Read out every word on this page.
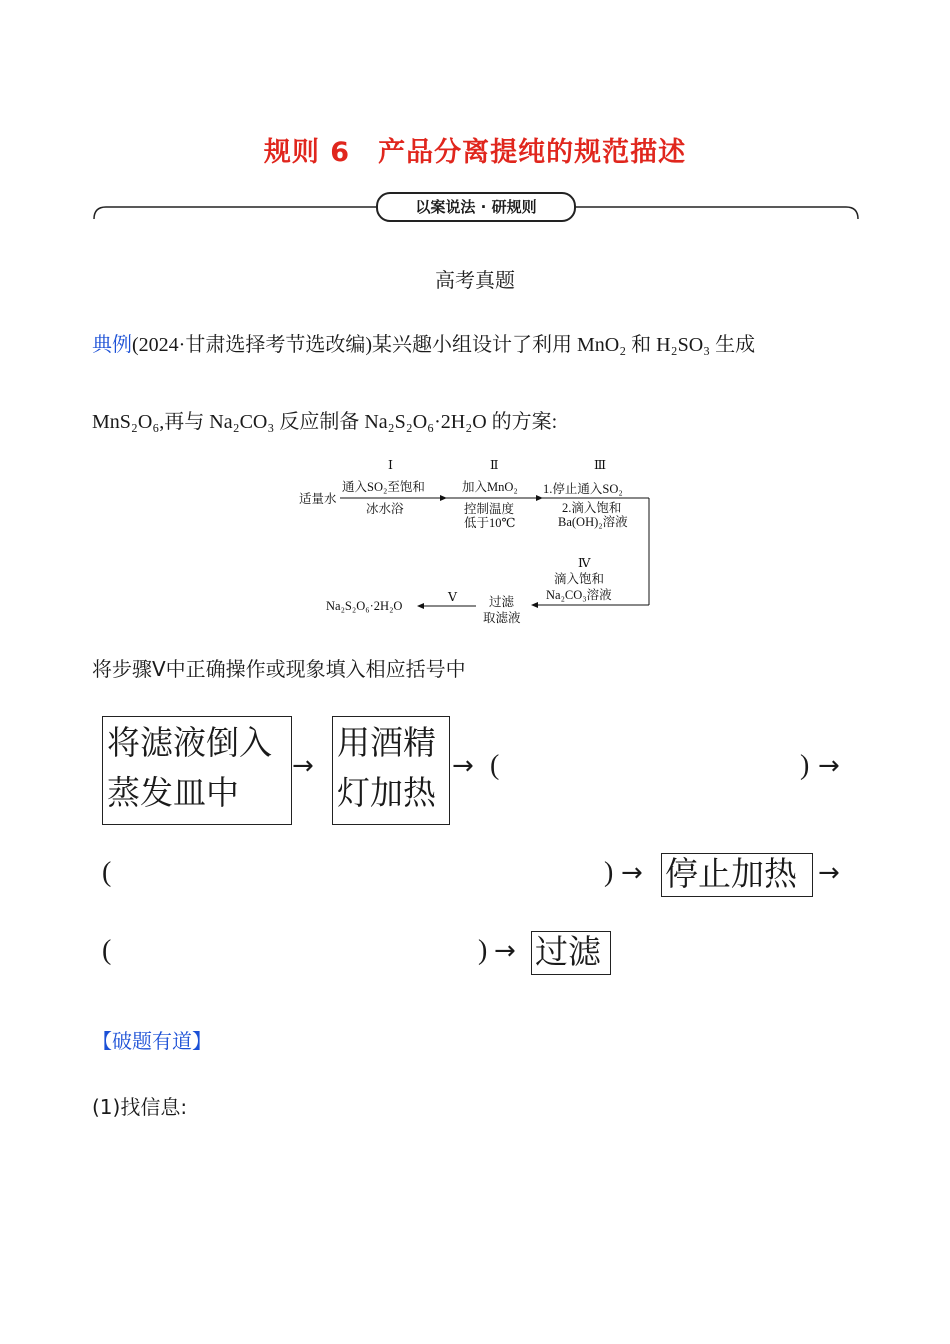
规则 6　产品分离提纯的规范描述
以案说法 · 研规则
高考真题
典例(2024·甘肃选择考节选改编)某兴趣小组设计了利用 MnO₂ 和 H₂SO₃ 生成
MnS₂O₆,再与 Na₂CO₃ 反应制备 Na₂S₂O₆·2H₂O 的方案:
适量水
Ⅰ
通入SO₂至饱和
冰水浴
Ⅱ
加入MnO₂
控制温度
低于10℃
Ⅲ
1.停止通入SO₂
2.滴入饱和
Ba(OH)₂溶液
Ⅳ
滴入饱和
Na₂CO₃溶液
过滤
取滤液
Ⅴ
Na₂S₂O₆·2H₂O
将步骤Ⅴ中正确操作或现象填入相应括号中
将滤液倒入
蒸发皿中
→
用酒精
灯加热
→ (	) →
(	) → 停止加热 →
(	) → 过滤
【破题有道】
(1)找信息:
